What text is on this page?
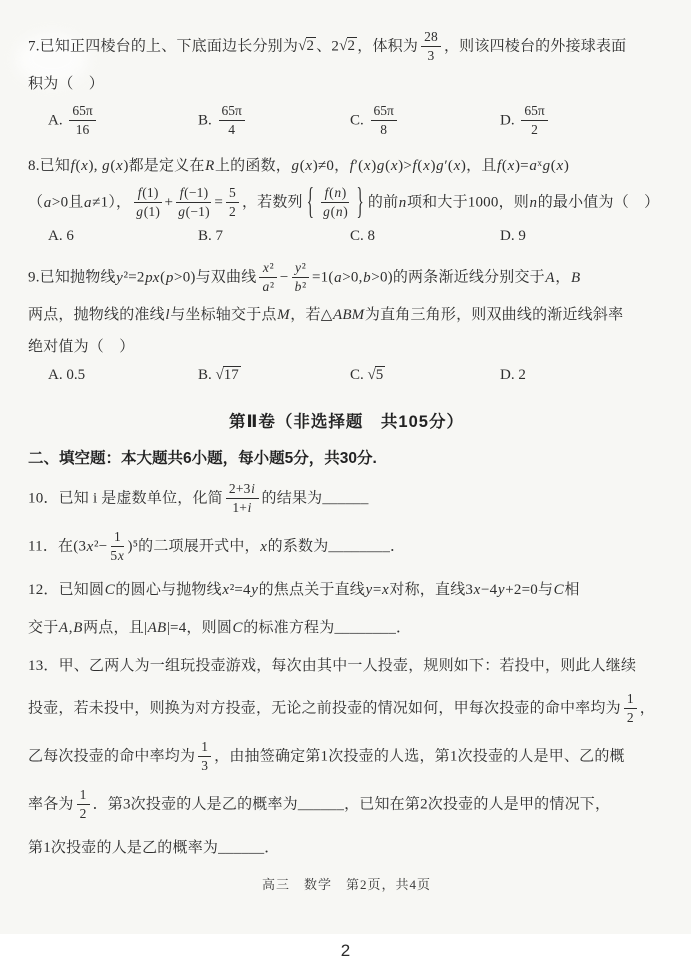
7.已知正四棱台的上、下底面边长分别为√2 、2√2 ，体积为 $\frac{28}{3}$ ，则该四棱台的外接球表面
积为（　）
A. $\frac{65\pi}{16}$	B. $\frac{65\pi}{4}$	C. $\frac{65\pi}{8}$	D. $\frac{65\pi}{2}$
8.已知f(x), g(x)都是定义在R上的函数，g(x)≠0，f′(x)g(x)>f(x)g′(x)，且f(x)=aˣg(x)
（a>0且a≠1）， $\frac{f(1)}{g(1)} + \frac{f(-1)}{g(-1)} = \frac{5}{2}$ ，若数列 { $\frac{f(n)}{g(n)}$ } 的前n项和大于1000，则n的最小值为（　）
A. 6	B. 7	C. 8	D. 9
9.已知抛物线y²=2px(p>0)与双曲线 $\frac{\text{x²}}{\text{a²}} - \frac{\text{y²}}{\text{b²}} =1(a>0,b>0)$的两条渐近线分别交于A，B
两点，抛物线的准线l与坐标轴交于点M，若△ABM为直角三角形，则双曲线的渐近线斜率
绝对值为（　）
A. 0.5	B. √17	C. √5	D. 2
第Ⅱ卷（非选择题　共105分）
二、填空题：本大题共6小题，每小题5分，共30分.
10．已知 i 是虚数单位，化简 $\frac{2+3i}{1+i}$ 的结果为______
11．在$(3x^2- \frac{1}{5x} )^5$的二项展开式中，x的系数为________．
12．已知圆C的圆心与抛物线x²=4y的焦点关于直线y=x对称，直线3x−4y+2=0与C相
交于A,B两点，且|AB|=4，则圆C的标准方程为________．
13．甲、乙两人为一组玩投壶游戏，每次由其中一人投壶，规则如下：若投中，则此人继续
投壶，若未投中，则换为对方投壶，无论之前投壶的情况如何，甲每次投壶的命中率均为 $\frac{1}{2}$ ，
乙每次投壶的命中率均为 $\frac{1}{3}$ ，由抽签确定第1次投壶的人选，第1次投壶的人是甲、乙的概
率各为 $\frac{1}{2}$ ．第3次投壶的人是乙的概率为______，已知在第2次投壶的人是甲的情况下，
第1次投壶的人是乙的概率为______．
高三　数学　第2页，共4页
2
